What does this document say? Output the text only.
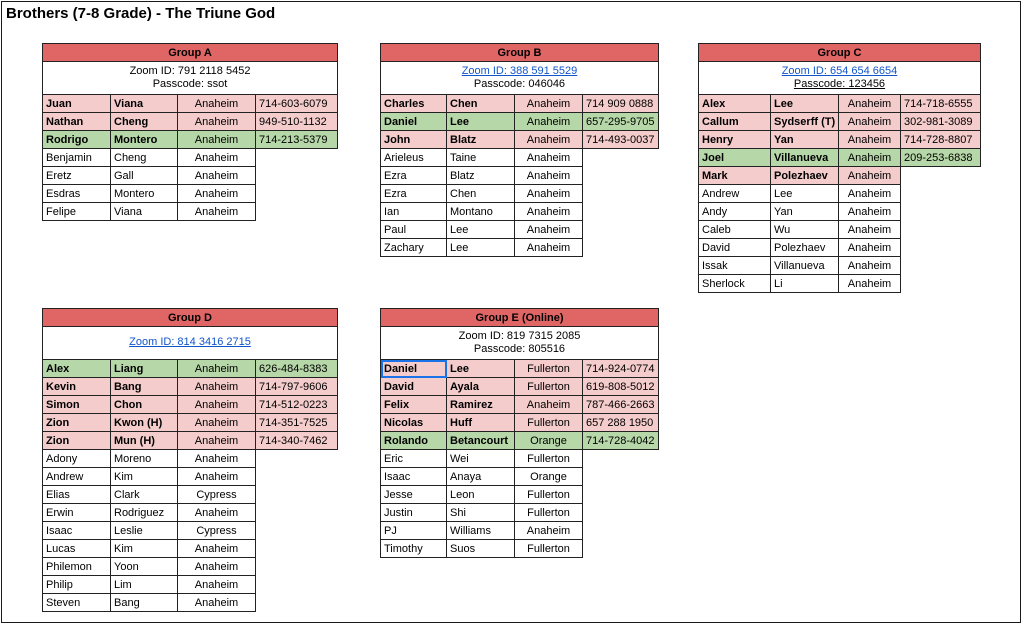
Brothers (7-8 Grade) - The Triune God
Group A			

Zoom ID: 791 2118 5452
Passcode: ssot			

Juan	Viana	Anaheim	714-603-6079
Nathan	Cheng	Anaheim	949-510-1132
Rodrigo	Montero	Anaheim	714-213-5379
Benjamin	Cheng	Anaheim	
Eretz	Gall	Anaheim	
Esdras	Montero	Anaheim	
Felipe	Viana	Anaheim	
Group B			

Zoom ID: 388 591 5529
Passcode: 046046			

Charles	Chen	Anaheim	714 909 0888
Daniel	Lee	Anaheim	657-295-9705
John	Blatz	Anaheim	714-493-0037
Arieleus	Taine	Anaheim	
Ezra	Blatz	Anaheim	
Ezra	Chen	Anaheim	
Ian	Montano	Anaheim	
Paul	Lee	Anaheim	
Zachary	Lee	Anaheim	
Group C			

Zoom ID: 654 654 6654
Passcode: 123456			

Alex	Lee	Anaheim	714-718-6555
Callum	Sydserff (T)	Anaheim	302-981-3089
Henry	Yan	Anaheim	714-728-8807
Joel	Villanueva	Anaheim	209-253-6838
Mark	Polezhaev	Anaheim	
Andrew	Lee	Anaheim	
Andy	Yan	Anaheim	
Caleb	Wu	Anaheim	
David	Polezhaev	Anaheim	
Issak	Villanueva	Anaheim	
Sherlock	Li	Anaheim	
Group D			

Zoom ID: 814 3416 2715			

Alex	Liang	Anaheim	626-484-8383
Kevin	Bang	Anaheim	714-797-9606
Simon	Chon	Anaheim	714-512-0223
Zion	Kwon (H)	Anaheim	714-351-7525
Zion	Mun (H)	Anaheim	714-340-7462
Adony	Moreno	Anaheim	
Andrew	Kim	Anaheim	
Elias	Clark	Cypress	
Erwin	Rodriguez	Anaheim	
Isaac	Leslie	Cypress	
Lucas	Kim	Anaheim	
Philemon	Yoon	Anaheim	
Philip	Lim	Anaheim	
Steven	Bang	Anaheim	
Group E (Online)			

Zoom ID: 819 7315 2085
Passcode: 805516			

Daniel	Lee	Fullerton	714-924-0774
David	Ayala	Fullerton	619-808-5012
Felix	Ramirez	Anaheim	787-466-2663
Nicolas	Huff	Fullerton	657 288 1950
Rolando	Betancourt	Orange	714-728-4042
Eric	Wei	Fullerton	
Isaac	Anaya	Orange	
Jesse	Leon	Fullerton	
Justin	Shi	Fullerton	
PJ	Williams	Anaheim	
Timothy	Suos	Fullerton	
